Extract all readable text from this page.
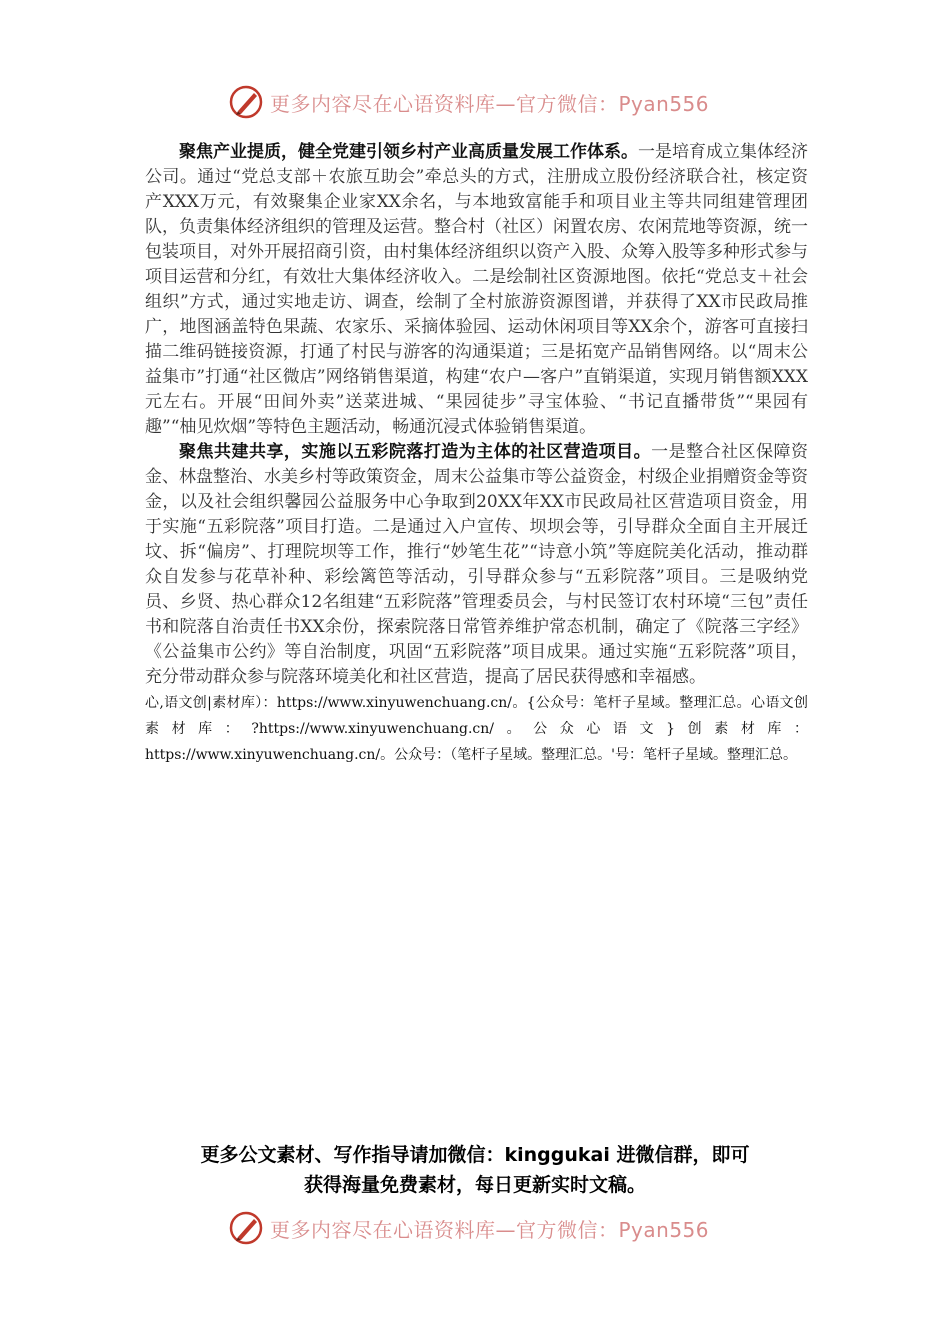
更多内容尽在心语资料库—官方微信：Pyan556

聚焦产业提质，健全党建引领乡村产业高质量发展工作体系。一是培育成立集体经济公司。通过“党总支部＋农旅互助会”牵总头的方式，注册成立股份经济联合社，核定资产XXX万元，有效聚集企业家XX余名，与本地致富能手和项目业主等共同组建管理团队，负责集体经济组织的管理及运营。整合村（社区）闲置农房、农闲荒地等资源，统一包装项目，对外开展招商引资，由村集体经济组织以资产入股、众筹入股等多种形式参与项目运营和分红，有效壮大集体经济收入。二是绘制社区资源地图。依托“党总支＋社会组织”方式，通过实地走访、调查，绘制了全村旅游资源图谱，并获得了XX市民政局推广，地图涵盖特色果蔬、农家乐、采摘体验园、运动休闲项目等XX余个，游客可直接扫描二维码链接资源，打通了村民与游客的沟通渠道；三是拓宽产品销售网络。以“周末公益集市”打通“社区微店”网络销售渠道，构建“农户—客户”直销渠道，实现月销售额XXX元左右。开展“田间外卖”送菜进城、“果园徒步”寻宝体验、“书记直播带货”“果园有趣”“柚见炊烟”等特色主题活动，畅通沉浸式体验销售渠道。

聚焦共建共享，实施以五彩院落打造为主体的社区营造项目。一是整合社区保障资金、林盘整治、水美乡村等政策资金，周末公益集市等公益资金，村级企业捐赠资金等资金，以及社会组织馨园公益服务中心争取到20XX年XX市民政局社区营造项目资金，用于实施“五彩院落”项目打造。二是通过入户宣传、坝坝会等，引导群众全面自主开展迁坟、拆“偏房”、打理院坝等工作，推行“妙笔生花”“诗意小筑”等庭院美化活动，推动群众自发参与花草补种、彩绘篱笆等活动，引导群众参与“五彩院落”项目。三是吸纳党员、乡贤、热心群众12名组建“五彩院落”管理委员会，与村民签订农村环境“三包”责任书和院落自治责任书XX余份，探索院落日常管养维护常态机制，确定了《院落三字经》《公益集市公约》等自治制度，巩固“五彩院落”项目成果。通过实施“五彩院落”项目，充分带动群众参与院落环境美化和社区营造，提高了居民获得感和幸福感。

心,语文创|素材库）：https://www.xinyuwenchuang.cn/。{公众号：笔杆子星域。整理汇总。心语文创素材库：?https://www.xinyuwenchuang.cn/。公众心语文}创素材库：https://www.xinyuwenchuang.cn/。公众号：（笔杆子星域。整理汇总。'号：笔杆子星域。整理汇总。

更多公文素材、写作指导请加微信：kinggukai 进微信群，即可
获得海量免费素材，每日更新实时文稿。
更多内容尽在心语资料库—官方微信：Pyan556
